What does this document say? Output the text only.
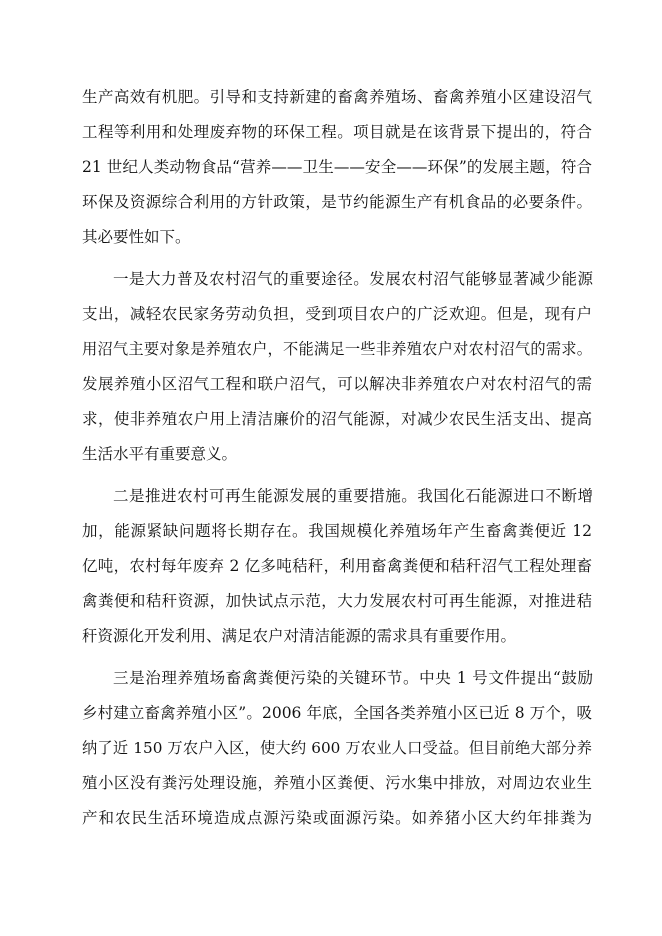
生产高效有机肥。引导和支持新建的畜禽养殖场、畜禽养殖小区建设沼气
工程等利用和处理废弃物的环保工程。项目就是在该背景下提出的，符合
21 世纪人类动物食品“营养——卫生——安全——环保”的发展主题，符合
环保及资源综合利用的方针政策，是节约能源生产有机食品的必要条件。
其必要性如下。
一是大力普及农村沼气的重要途径。发展农村沼气能够显著减少能源
支出，减轻农民家务劳动负担，受到项目农户的广泛欢迎。但是，现有户
用沼气主要对象是养殖农户，不能满足一些非养殖农户对农村沼气的需求。
发展养殖小区沼气工程和联户沼气，可以解决非养殖农户对农村沼气的需
求，使非养殖农户用上清洁廉价的沼气能源，对减少农民生活支出、提高
生活水平有重要意义。
二是推进农村可再生能源发展的重要措施。我国化石能源进口不断增
加，能源紧缺问题将长期存在。我国规模化养殖场年产生畜禽粪便近 12
亿吨，农村每年废弃 2 亿多吨秸秆，利用畜禽粪便和秸秆沼气工程处理畜
禽粪便和秸秆资源，加快试点示范，大力发展农村可再生能源，对推进秸
秆资源化开发利用、满足农户对清洁能源的需求具有重要作用。
三是治理养殖场畜禽粪便污染的关键环节。中央 1 号文件提出“鼓励
乡村建立畜禽养殖小区”。2006 年底，全国各类养殖小区已近 8 万个，吸
纳了近 150 万农户入区，使大约 600 万农业人口受益。但目前绝大部分养
殖小区没有粪污处理设施，养殖小区粪便、污水集中排放，对周边农业生
产和农民生活环境造成点源污染或面源污染。如养猪小区大约年排粪为
